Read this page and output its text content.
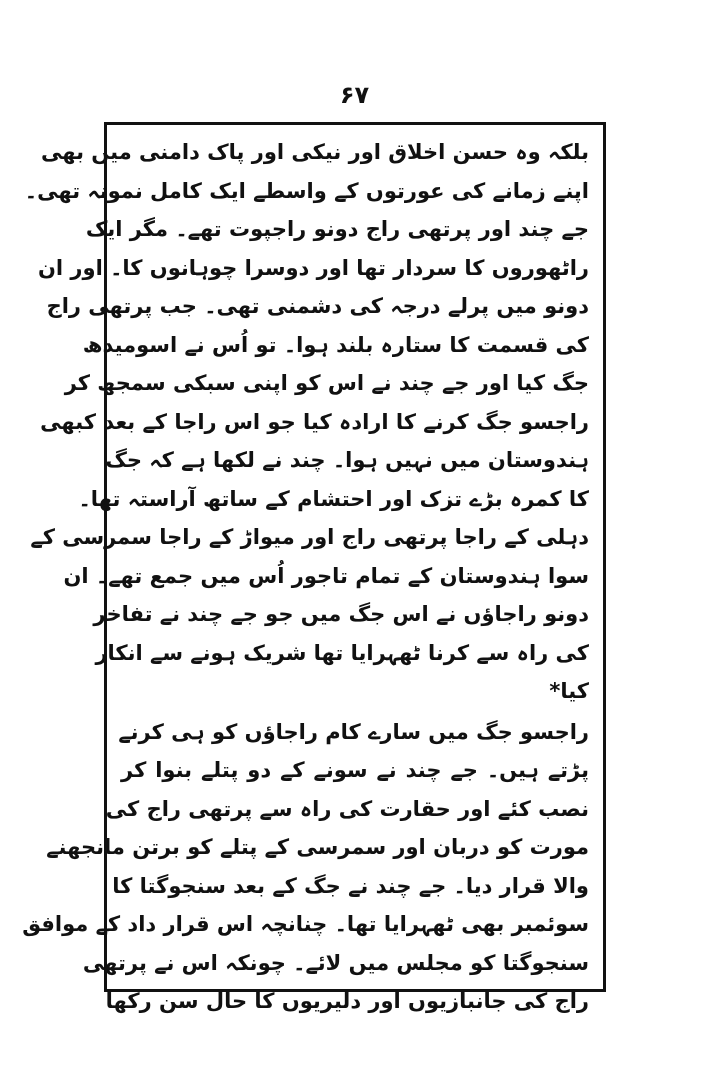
۶۷
بلکہ وہ حسن اخلاق اور نیکی اور پاک دامنی میں بھی
اپنے زمانے کی عورتوں کے واسطے ایک کامل نمونہ تھی۔
جے چند اور پرتھی راج دونو راجپوت تھے۔ مگر ایک
راٹھوروں کا سردار تھا اور دوسرا چوہانوں کا۔ اور ان
دونو میں پرلے درجہ کی دشمنی تھی۔ جب پرتھی راج
کی قسمت کا ستارہ بلند ہوا۔ تو اُس نے اسومیدھ
جگ کیا اور جے چند نے اس کو اپنی سبکی سمجھ کر
راجسو جگ کرنے کا ارادہ کیا جو اس راجا کے بعد کبھی
ہندوستان میں نہیں ہوا۔ چند نے لکھا ہے کہ جگ
کا کمرہ بڑے تزک اور احتشام کے ساتھ آراستہ تھا۔
دہلی کے راجا پرتھی راج اور میواڑ کے راجا سمرسی کے
سوا ہندوستان کے تمام تاجور اُس میں جمع تھے۔ ان
دونو راجاؤں نے اس جگ میں جو جے چند نے تفاخر
کی راہ سے کرنا ٹھہرایا تھا شریک ہونے سے انکار
کیا*
راجسو جگ میں سارے کام راجاؤں کو ہی کرنے
پڑتے ہیں۔ جے چند نے سونے کے دو پتلے بنوا کر
نصب کئے اور حقارت کی راہ سے پرتھی راج کی
مورت کو دربان اور سمرسی کے پتلے کو برتن مانجھنے
والا قرار دیا۔ جے چند نے جگ کے بعد سنجوگتا کا
سوئمبر بھی ٹھہرایا تھا۔ چنانچہ اس قرار داد کے موافق
سنجوگتا کو مجلس میں لائے۔ چونکہ اس نے پرتھی
راج کی جانبازیوں اور دلیریوں کا حال سن رکھا
